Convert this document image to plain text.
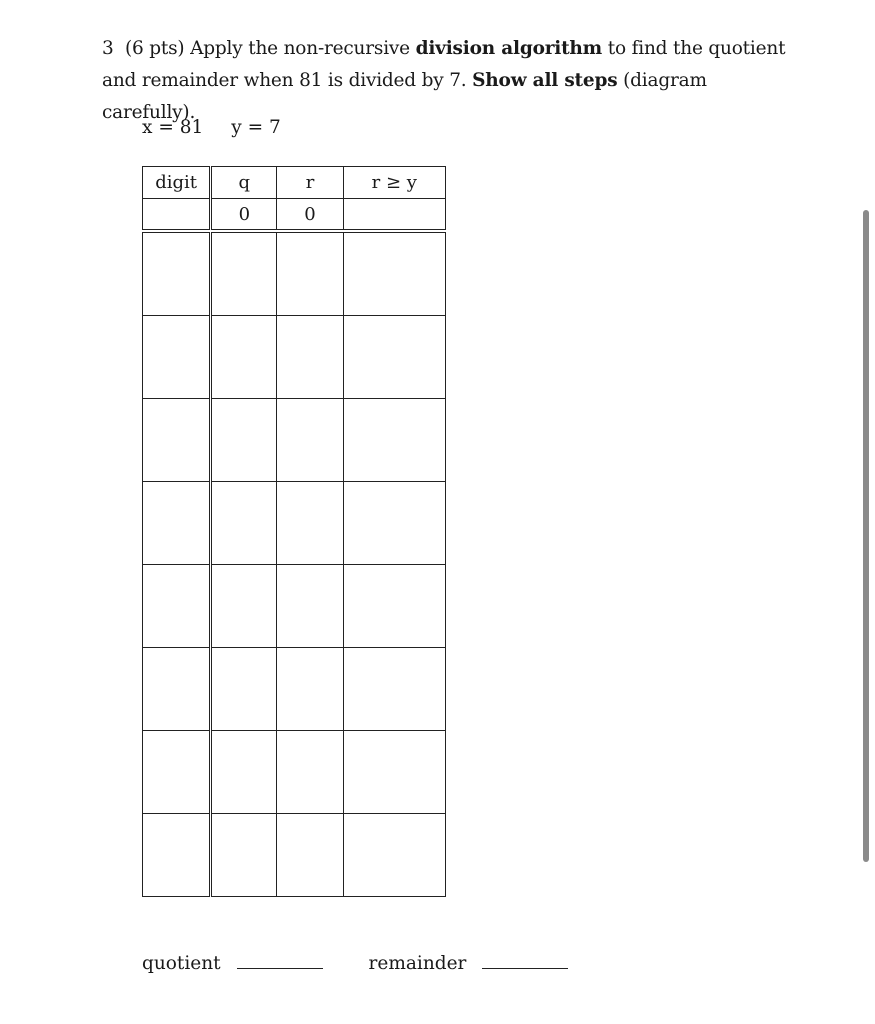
3 (6 pts) Apply the non-recursive division algorithm to find the quotient and remainder when 81 is divided by 7. Show all steps (diagram carefully).
x = 81 y = 7
digit	q	r	r ≥ y
	0	0	

quotient	remainder
